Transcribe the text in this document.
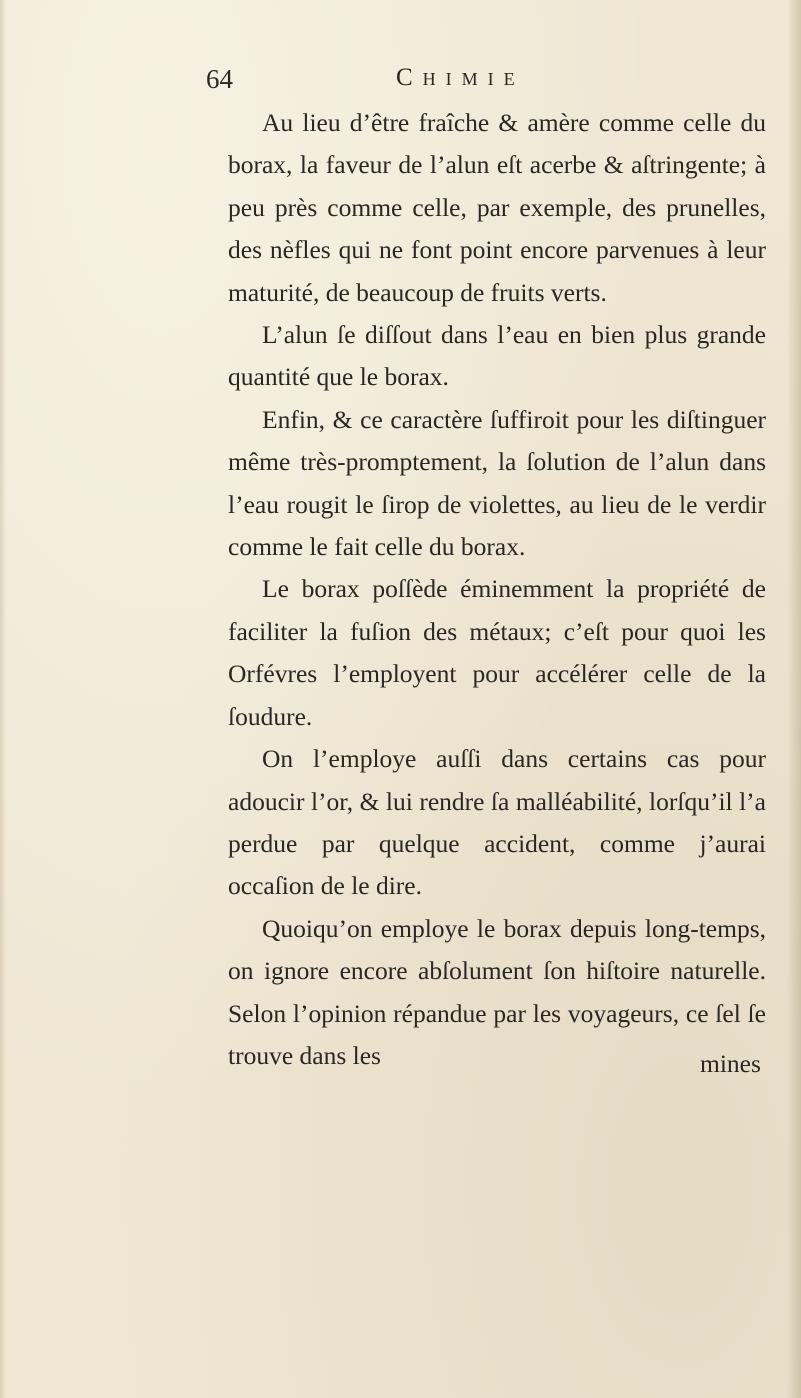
64	Chimie

Au lieu d’être fraîche & amère comme celle du borax, la faveur de l’alun eſt acerbe & aſtringente; à peu près comme celle, par exemple, des prunelles, des nèfles qui ne font point encore parvenues à leur maturité, de beaucoup de fruits verts.

L’alun ſe diſſout dans l’eau en bien plus grande quantité que le borax.

Enfin, & ce caractère ſuffiroit pour les diſtinguer même très-promptement, la ſolution de l’alun dans l’eau rougit le ſirop de violettes, au lieu de le verdir comme le fait celle du borax.

Le borax poſſède éminemment la propriété de faciliter la fuſion des métaux; c’eſt pour quoi les Orfévres l’employent pour accélérer celle de la ſoudure.

On l’employe auſſi dans certains cas pour adoucir l’or, & lui rendre ſa malléabilité, lorſqu’il l’a perdue par quelque accident, comme j’aurai occaſion de le dire.

Quoiqu’on employe le borax depuis long-temps, on ignore encore abſolument ſon hiſtoire naturelle. Selon l’opinion répandue par les voyageurs, ce ſel ſe trouve dans les	mines
